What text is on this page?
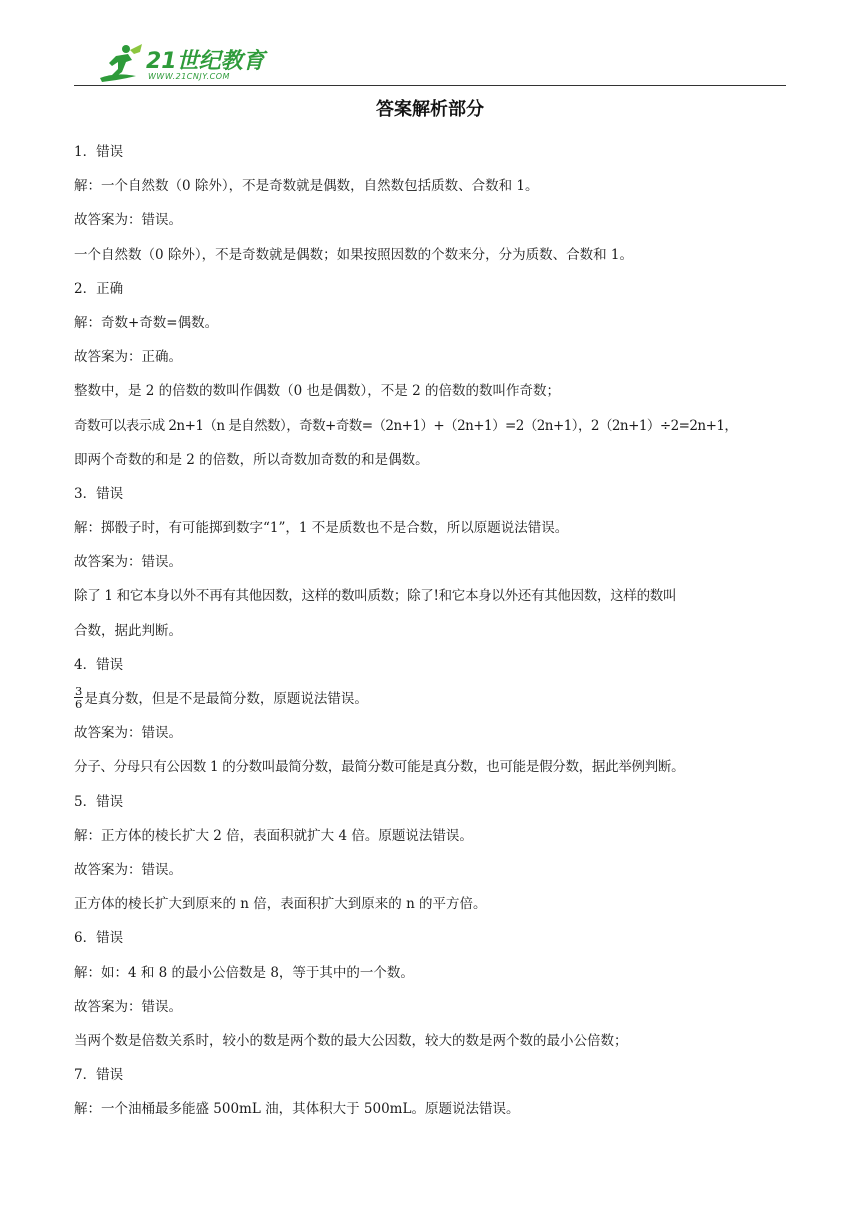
21世纪教育
WWW.21CNJY.COM
答案解析部分
1．错误
解：一个自然数（0 除外），不是奇数就是偶数，自然数包括质数、合数和 1。
故答案为：错误。
一个自然数（0 除外），不是奇数就是偶数；如果按照因数的个数来分，分为质数、合数和 1。
2．正确
解：奇数+奇数=偶数。
故答案为：正确。
整数中，是 2 的倍数的数叫作偶数（0 也是偶数），不是 2 的倍数的数叫作奇数；
奇数可以表示成 2n+1（n 是自然数），奇数+奇数=（2n+1）+（2n+1）=2（2n+1），2（2n+1）÷2=2n+1，
即两个奇数的和是 2 的倍数，所以奇数加奇数的和是偶数。
3．错误
解：掷骰子时，有可能掷到数字“1”，1 不是质数也不是合数，所以原题说法错误。
故答案为：错误。
除了 1 和它本身以外不再有其他因数，这样的数叫质数；除了!和它本身以外还有其他因数，这样的数叫
合数，据此判断。
4．错误
$\frac{3}{6}$ 是真分数，但是不是最简分数，原题说法错误。
故答案为：错误。
分子、分母只有公因数 1 的分数叫最简分数，最简分数可能是真分数，也可能是假分数，据此举例判断。
5．错误
解：正方体的棱长扩大 2 倍，表面积就扩大 4 倍。原题说法错误。
故答案为：错误。
正方体的棱长扩大到原来的 n 倍，表面积扩大到原来的 n 的平方倍。
6．错误
解：如：4 和 8 的最小公倍数是 8，等于其中的一个数。
故答案为：错误。
当两个数是倍数关系时，较小的数是两个数的最大公因数，较大的数是两个数的最小公倍数；
7．错误
解：一个油桶最多能盛 500mL 油，其体积大于 500mL。原题说法错误。
